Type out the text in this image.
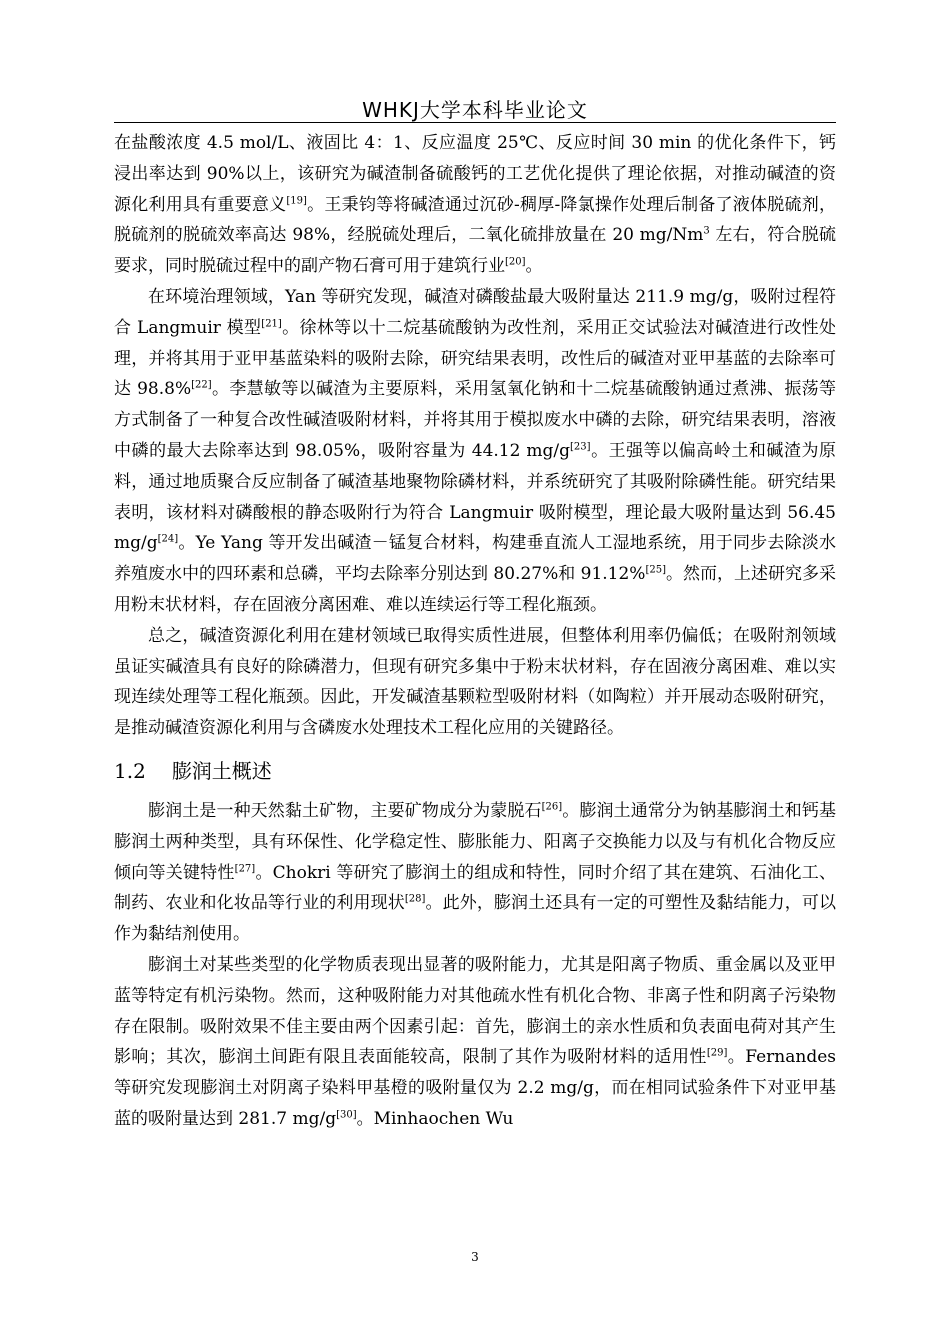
WHKJ大学本科毕业论文

在盐酸浓度 4.5 mol/L、液固比 4：1、反应温度 25℃、反应时间 30 min 的优化条件下，钙浸出率达到 90%以上，该研究为碱渣制备硫酸钙的工艺优化提供了理论依据，对推动碱渣的资源化利用具有重要意义[19]。王秉钧等将碱渣通过沉砂-稠厚-降氯操作处理后制备了液体脱硫剂，脱硫剂的脱硫效率高达 98%，经脱硫处理后，二氧化硫排放量在 20 mg/Nm$^3$ 左右，符合脱硫要求，同时脱硫过程中的副产物石膏可用于建筑行业[20]。

在环境治理领域，Yan 等研究发现，碱渣对磷酸盐最大吸附量达 211.9 mg/g，吸附过程符合 Langmuir 模型[21]。徐林等以十二烷基硫酸钠为改性剂，采用正交试验法对碱渣进行改性处理，并将其用于亚甲基蓝染料的吸附去除，研究结果表明，改性后的碱渣对亚甲基蓝的去除率可达 98.8%[22]。李慧敏等以碱渣为主要原料，采用氢氧化钠和十二烷基硫酸钠通过煮沸、振荡等方式制备了一种复合改性碱渣吸附材料，并将其用于模拟废水中磷的去除，研究结果表明，溶液中磷的最大去除率达到 98.05%，吸附容量为 44.12 mg/g[23]。王强等以偏高岭土和碱渣为原料，通过地质聚合反应制备了碱渣基地聚物除磷材料，并系统研究了其吸附除磷性能。研究结果表明，该材料对磷酸根的静态吸附行为符合 Langmuir 吸附模型，理论最大吸附量达到 56.45 mg/g[24]。Ye Yang 等开发出碱渣－锰复合材料，构建垂直流人工湿地系统，用于同步去除淡水养殖废水中的四环素和总磷，平均去除率分别达到 80.27%和 91.12%[25]。然而，上述研究多采用粉末状材料，存在固液分离困难、难以连续运行等工程化瓶颈。

总之，碱渣资源化利用在建材领域已取得实质性进展，但整体利用率仍偏低；在吸附剂领域虽证实碱渣具有良好的除磷潜力，但现有研究多集中于粉末状材料，存在固液分离困难、难以实现连续处理等工程化瓶颈。因此，开发碱渣基颗粒型吸附材料（如陶粒）并开展动态吸附研究，是推动碱渣资源化利用与含磷废水处理技术工程化应用的关键路径。

1.2 膨润土概述

膨润土是一种天然黏土矿物，主要矿物成分为蒙脱石[26]。膨润土通常分为钠基膨润土和钙基膨润土两种类型，具有环保性、化学稳定性、膨胀能力、阳离子交换能力以及与有机化合物反应倾向等关键特性[27]。Chokri 等研究了膨润土的组成和特性，同时介绍了其在建筑、石油化工、制药、农业和化妆品等行业的利用现状[28]。此外，膨润土还具有一定的可塑性及黏结能力，可以作为黏结剂使用。

膨润土对某些类型的化学物质表现出显著的吸附能力，尤其是阳离子物质、重金属以及亚甲蓝等特定有机污染物。然而，这种吸附能力对其他疏水性有机化合物、非离子性和阴离子污染物存在限制。吸附效果不佳主要由两个因素引起：首先，膨润土的亲水性质和负表面电荷对其产生影响；其次，膨润土间距有限且表面能较高，限制了其作为吸附材料的适用性[29]。Fernandes 等研究发现膨润土对阴离子染料甲基橙的吸附量仅为 2.2 mg/g，而在相同试验条件下对亚甲基蓝的吸附量达到 281.7 mg/g[30]。Minhaochen Wu

3
